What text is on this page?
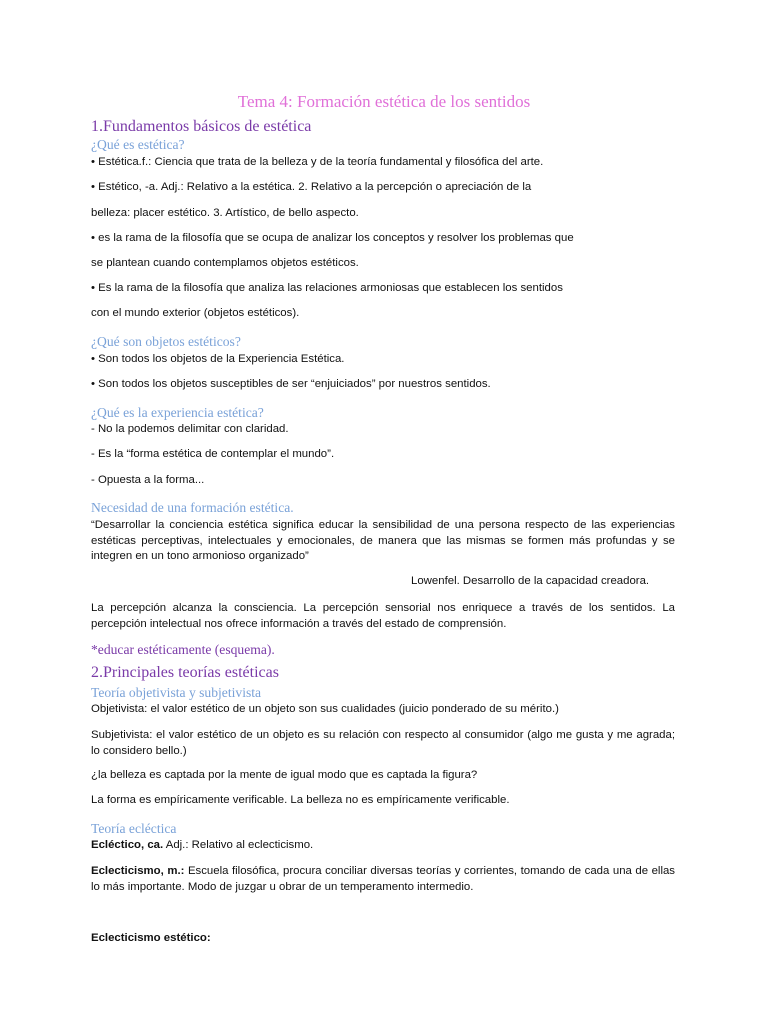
Tema 4: Formación estética de los sentidos
1.Fundamentos básicos de estética
¿Qué es estética?

• Estética.f.: Ciencia que trata de la belleza y de la teoría fundamental y filosófica del arte.

• Estético, -a. Adj.: Relativo a la estética. 2. Relativo a la percepción o apreciación de la

belleza: placer estético. 3. Artístico, de bello aspecto.

• es la rama de la filosofía que se ocupa de analizar los conceptos y resolver los problemas que

se plantean cuando contemplamos objetos estéticos.

• Es la rama de la filosofía que analiza las relaciones armoniosas que establecen los sentidos

con el mundo exterior (objetos estéticos).

¿Qué son objetos estéticos?

• Son todos los objetos de la Experiencia Estética.

• Son todos los objetos susceptibles de ser “enjuiciados” por nuestros sentidos.

¿Qué es la experiencia estética?

- No la podemos delimitar con claridad.

- Es la “forma estética de contemplar el mundo”.

- Opuesta a la forma...

Necesidad de una formación estética.

“Desarrollar la conciencia estética significa educar la sensibilidad de una persona respecto de las experiencias estéticas perceptivas, intelectuales y emocionales, de manera que las mismas se formen más profundas y se integren en un tono armonioso organizado”

Lowenfel. Desarrollo de la capacidad creadora.

La percepción alcanza la consciencia. La percepción sensorial nos enriquece a través de los sentidos. La percepción intelectual nos ofrece información a través del estado de comprensión.

*educar estéticamente (esquema).
2.Principales teorías estéticas
Teoría objetivista y subjetivista

Objetivista: el valor estético de un objeto son sus cualidades (juicio ponderado de su mérito.)

Subjetivista: el valor estético de un objeto es su relación con respecto al consumidor (algo me gusta y me agrada; lo considero bello.)

¿la belleza es captada por la mente de igual modo que es captada la figura?

La forma es empíricamente verificable. La belleza no es empíricamente verificable.

Teoría ecléctica

Ecléctico, ca. Adj.: Relativo al eclecticismo.

Eclecticismo, m.: Escuela filosófica, procura conciliar diversas teorías y corrientes, tomando de cada una de ellas lo más importante. Modo de juzgar u obrar de un temperamento intermedio.

Eclecticismo estético:
